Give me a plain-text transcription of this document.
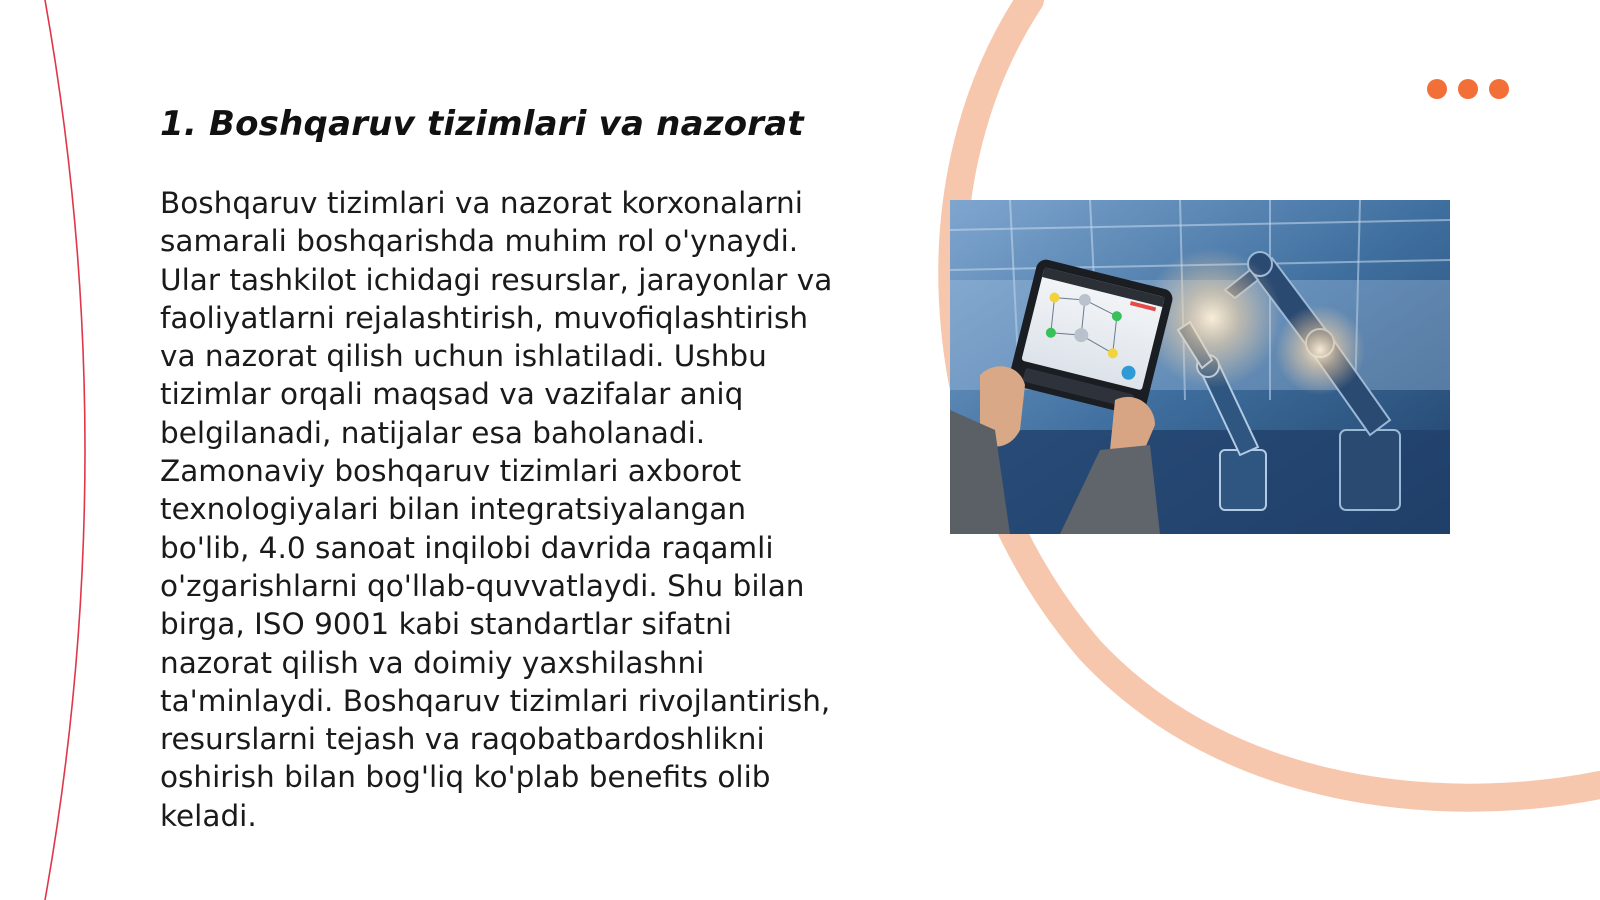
1. Boshqaruv tizimlari va nazorat
Boshqaruv tizimlari va nazorat korxonalarni
samarali boshqarishda muhim rol o'ynaydi.
Ular tashkilot ichidagi resurslar, jarayonlar va
faoliyatlarni rejalashtirish, muvofiqlashtirish
va nazorat qilish uchun ishlatiladi. Ushbu
tizimlar orqali maqsad va vazifalar aniq
belgilanadi, natijalar esa baholanadi.
Zamonaviy boshqaruv tizimlari axborot
texnologiyalari bilan integratsiyalangan
bo'lib, 4.0 sanoat inqilobi davrida raqamli
o'zgarishlarni qo'llab-quvvatlaydi. Shu bilan
birga, ISO 9001 kabi standartlar sifatni
nazorat qilish va doimiy yaxshilashni
ta'minlaydi. Boshqaruv tizimlari rivojlantirish,
resurslarni tejash va raqobatbardoshlikni
oshirish bilan bog'liq ko'plab benefits olib
keladi.
